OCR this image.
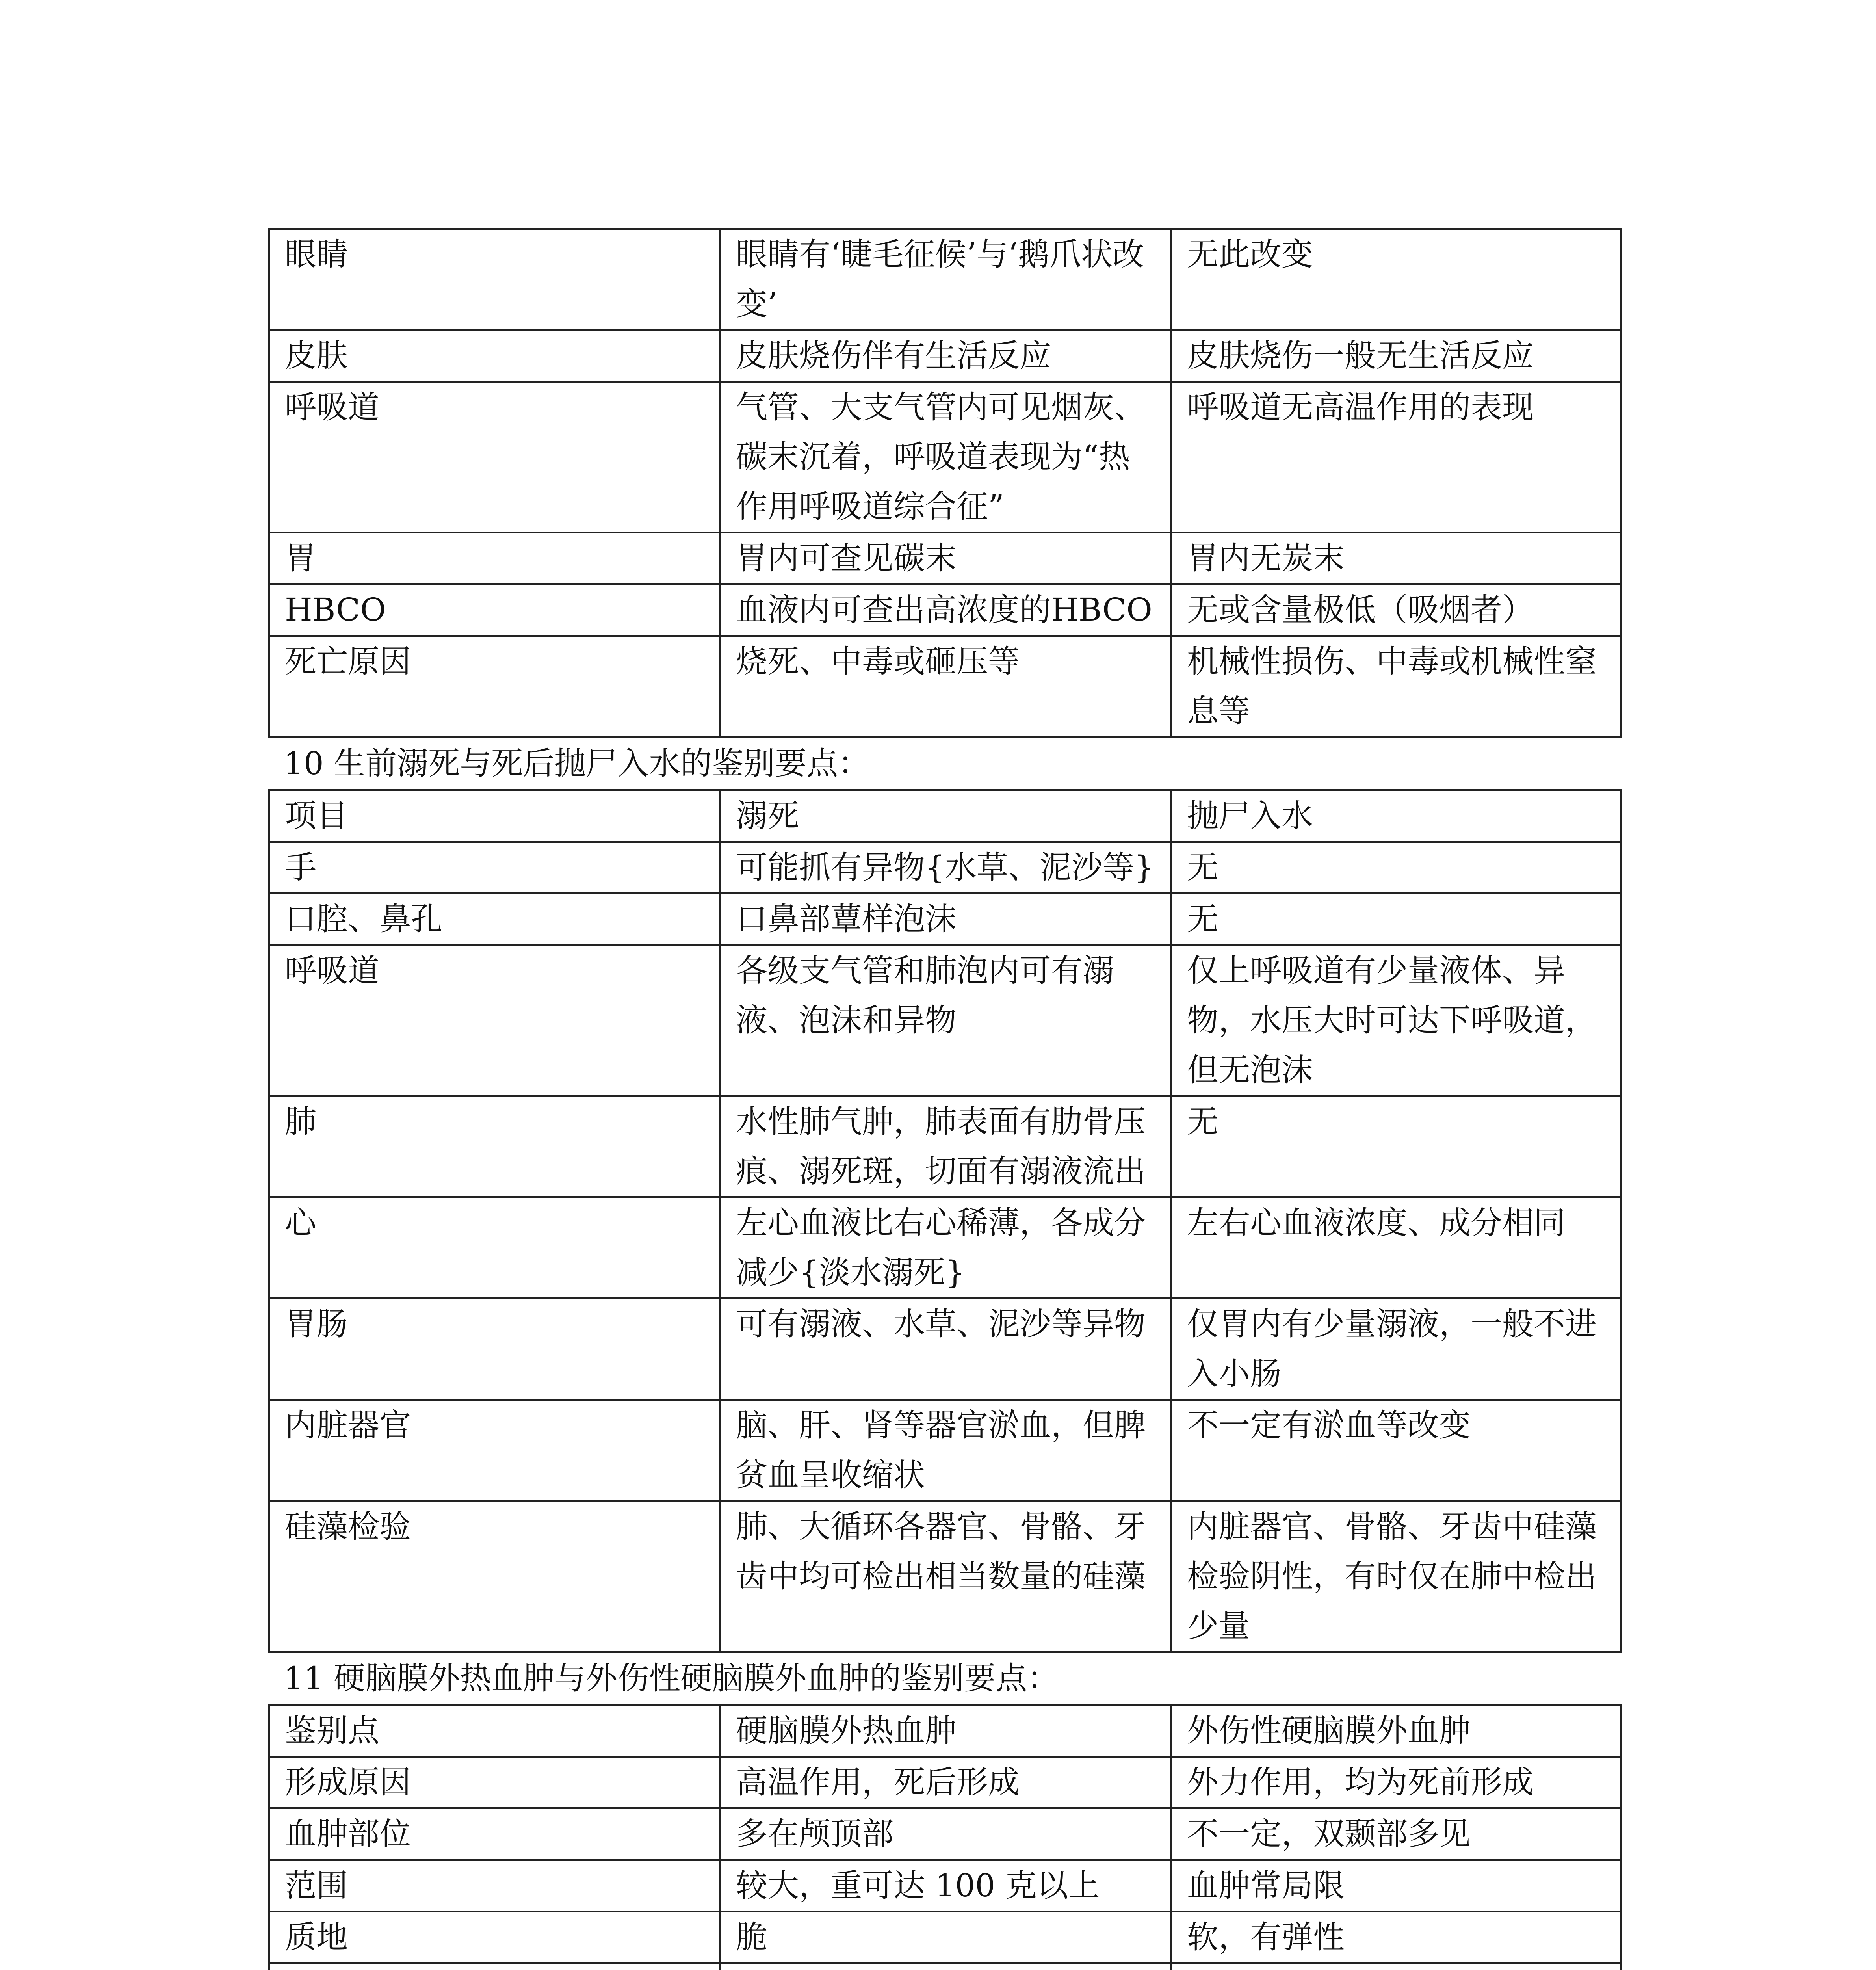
眼睛	眼睛有‘睫毛征候’与‘鹅爪状改变’	无此改变
皮肤	皮肤烧伤伴有生活反应	皮肤烧伤一般无生活反应
呼吸道	气管、大支气管内可见烟灰、碳末沉着，呼吸道表现为“热作用呼吸道综合征”	呼吸道无高温作用的表现
胃	胃内可查见碳末	胃内无炭末
HBCO	血液内可查出高浓度的HBCO	无或含量极低（吸烟者）
死亡原因	烧死、中毒或砸压等	机械性损伤、中毒或机械性窒息等
10 生前溺死与死后抛尸入水的鉴别要点：
项目	溺死	抛尸入水
手	可能抓有异物{水草、泥沙等}	无
口腔、鼻孔	口鼻部蕈样泡沫	无
呼吸道	各级支气管和肺泡内可有溺液、泡沫和异物	仅上呼吸道有少量液体、异物，水压大时可达下呼吸道，但无泡沫
肺	水性肺气肿，肺表面有肋骨压痕、溺死斑，切面有溺液流出	无
心	左心血液比右心稀薄，各成分减少{淡水溺死}	左右心血液浓度、成分相同
胃肠	可有溺液、水草、泥沙等异物	仅胃内有少量溺液，一般不进入小肠
内脏器官	脑、肝、肾等器官淤血，但脾贫血呈收缩状	不一定有淤血等改变
硅藻检验	肺、大循环各器官、骨骼、牙齿中均可检出相当数量的硅藻	内脏器官、骨骼、牙齿中硅藻检验阴性，有时仅在肺中检出少量
11 硬脑膜外热血肿与外伤性硬脑膜外血肿的鉴别要点：
鉴别点	硬脑膜外热血肿	外伤性硬脑膜外血肿
形成原因	高温作用，死后形成	外力作用，均为死前形成
血肿部位	多在颅顶部	不一定，双颞部多见
范围	较大，重可达 100 克以上	血肿常局限
质地	脆	软，有弹性
